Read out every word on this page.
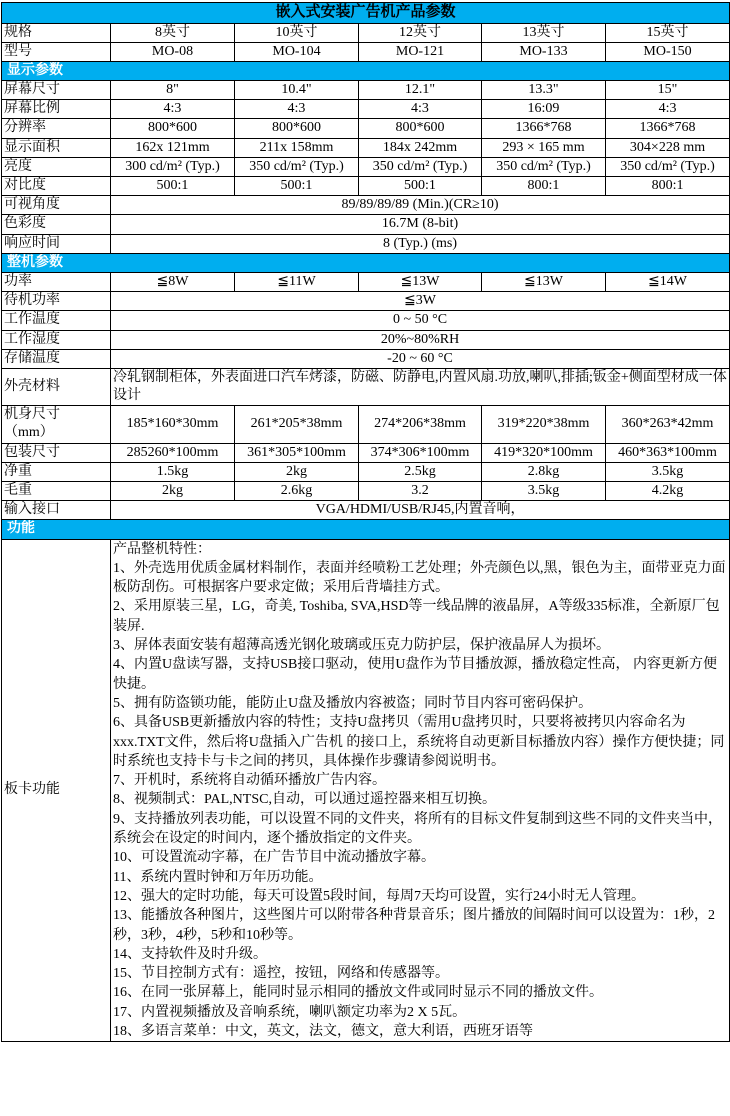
嵌入式安装广告机产品参数					
规格	8英寸	10英寸	12英寸	13英寸	15英寸
型号	MO-08	MO-104	MO-121	MO-133	MO-150
显示参数					
屏幕尺寸	8"	10.4"	12.1"	13.3"	15"
屏幕比例	4:3	4:3	4:3	16:09	4:3
分辨率	800*600	800*600	800*600	1366*768	1366*768
显示面积	162x 121mm	211x 158mm	184x 242mm	293 × 165 mm	304×228 mm
亮度	300 cd/m² (Typ.)	350 cd/m² (Typ.)	350 cd/m² (Typ.)	350 cd/m² (Typ.)	350 cd/m² (Typ.)
对比度	500:1	500:1	500:1	800:1	800:1
可视角度	89/89/89/89 (Min.)(CR≥10)				
色彩度	16.7M (8-bit)				
响应时间	8 (Typ.) (ms)				
整机参数					
功率	≦8W	≦11W	≦13W	≦13W	≦14W
待机功率	≦3W				
工作温度	0 ~ 50 °C				
工作湿度	20%~80%RH				
存储温度	-20 ~ 60 °C				
外壳材料	冷轧钢制柜体，外表面进口汽车烤漆，防磁、防静电,内置风扇.功放,喇叭,排插;钣金+侧面型材成一体设计				

机身尺寸
（mm）	185*160*30mm	261*205*38mm	274*206*38mm	319*220*38mm	360*263*42mm
包装尺寸	285260*100mm	361*305*100mm	374*306*100mm	419*320*100mm	460*363*100mm
净重	1.5kg	2kg	2.5kg	2.8kg	3.5kg
毛重	2kg	2.6kg	3.2	3.5kg	4.2kg
输入接口	VGA/HDMI/USB/RJ45,内置音响，				
功能					
板卡功能	
产品整机特性：
1、外壳选用优质金属材料制作，表面并经喷粉工艺处理；外壳颜色以,黑，银色为主，面带亚克力面板防刮伤。可根据客户要求定做；采用后背墙挂方式。
2、采用原装三星，LG，奇美, Toshiba, SVA,HSD等一线品牌的液晶屏，A等级335标准，全新原厂包装屏.
3、屏体表面安装有超薄高透光钢化玻璃或压克力防护层，保护液晶屏人为损坏。
4、内置U盘读写器，支持USB接口驱动，使用U盘作为节目播放源，播放稳定性高， 内容更新方便快捷。
5、拥有防盗锁功能，能防止U盘及播放内容被盗；同时节目内容可密码保护。
6、具备USB更新播放内容的特性；支持U盘拷贝（需用U盘拷贝时，只要将被拷贝内容命名为xxx.TXT文件，然后将U盘插入广告机 的接口上，系统将自动更新目标播放内容）操作方便快捷；同时系统也支持卡与卡之间的拷贝，具体操作步骤请参阅说明书。
7、开机时，系统将自动循环播放广告内容。
8、视频制式：PAL,NTSC,自动，可以通过遥控器来相互切换。
9、支持播放列表功能，可以设置不同的文件夹，将所有的目标文件复制到这些不同的文件夹当中，系统会在设定的时间内，逐个播放指定的文件夹。
10、可设置流动字幕，在广告节目中流动播放字幕。
11、系统内置时钟和万年历功能。
12、强大的定时功能，每天可设置5段时间，每周7天均可设置，实行24小时无人管理。
13、能播放各种图片，这些图片可以附带各种背景音乐；图片播放的间隔时间可以设置为：1秒，2秒，3秒，4秒，5秒和10秒等。
14、支持软件及时升级。
15、节目控制方式有：遥控，按钮，网络和传感器等。
16、在同一张屏幕上，能同时显示相同的播放文件或同时显示不同的播放文件。
17、内置视频播放及音响系统，喇叭额定功率为2 X 5瓦。
18、多语言菜单：中文，英文，法文，德文，意大利语，西班牙语等
